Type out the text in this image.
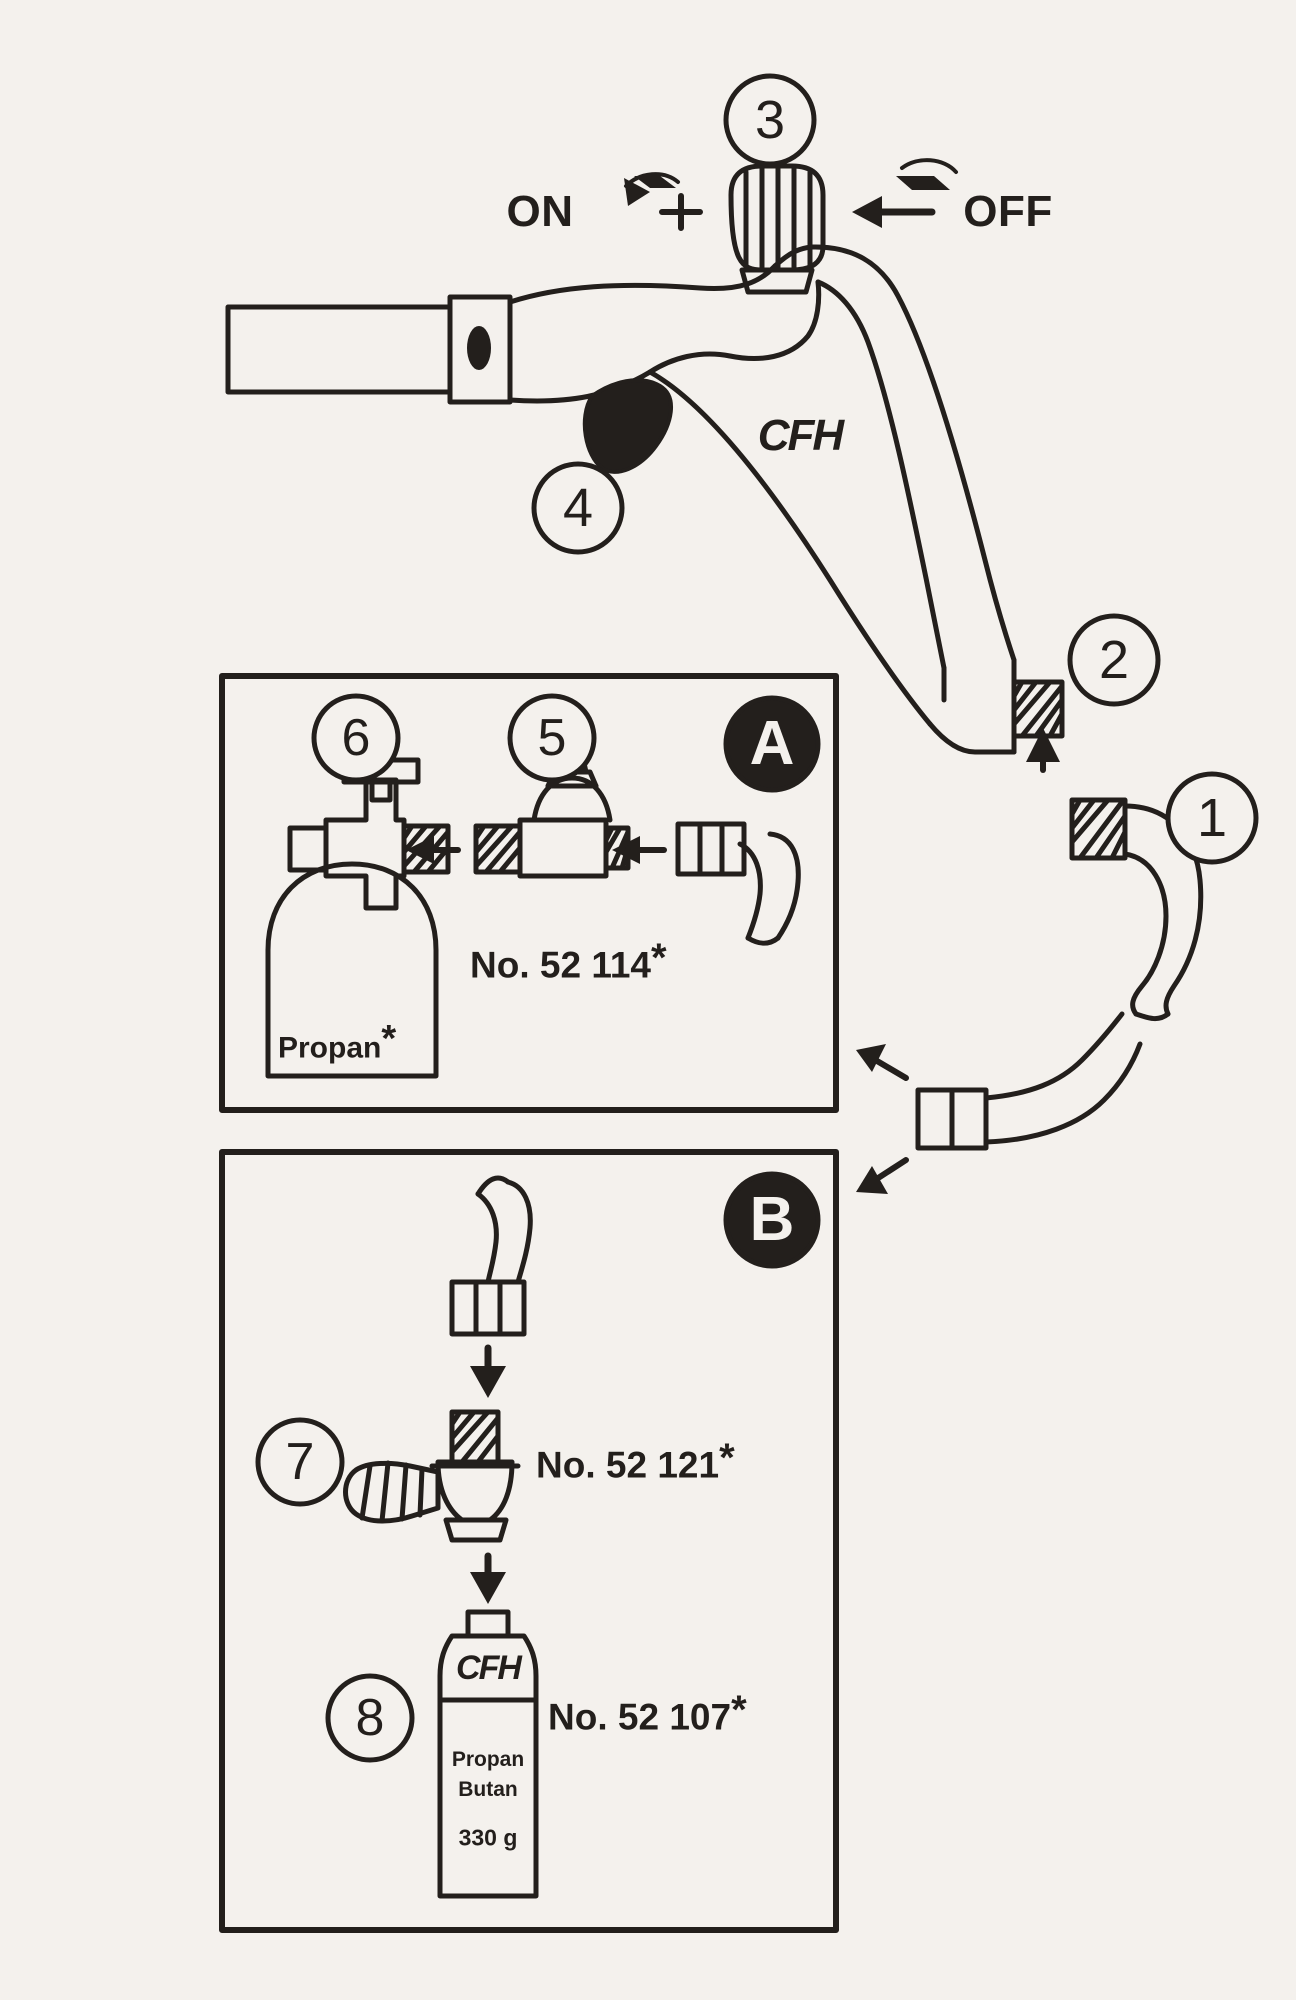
3
4
2
1
6	5
7
8
ON	OFF
CFH
A
B
No. 52 114*
Propan*
No. 52 121*
No. 52 107*
CFH
Propan
Butan
330 g
